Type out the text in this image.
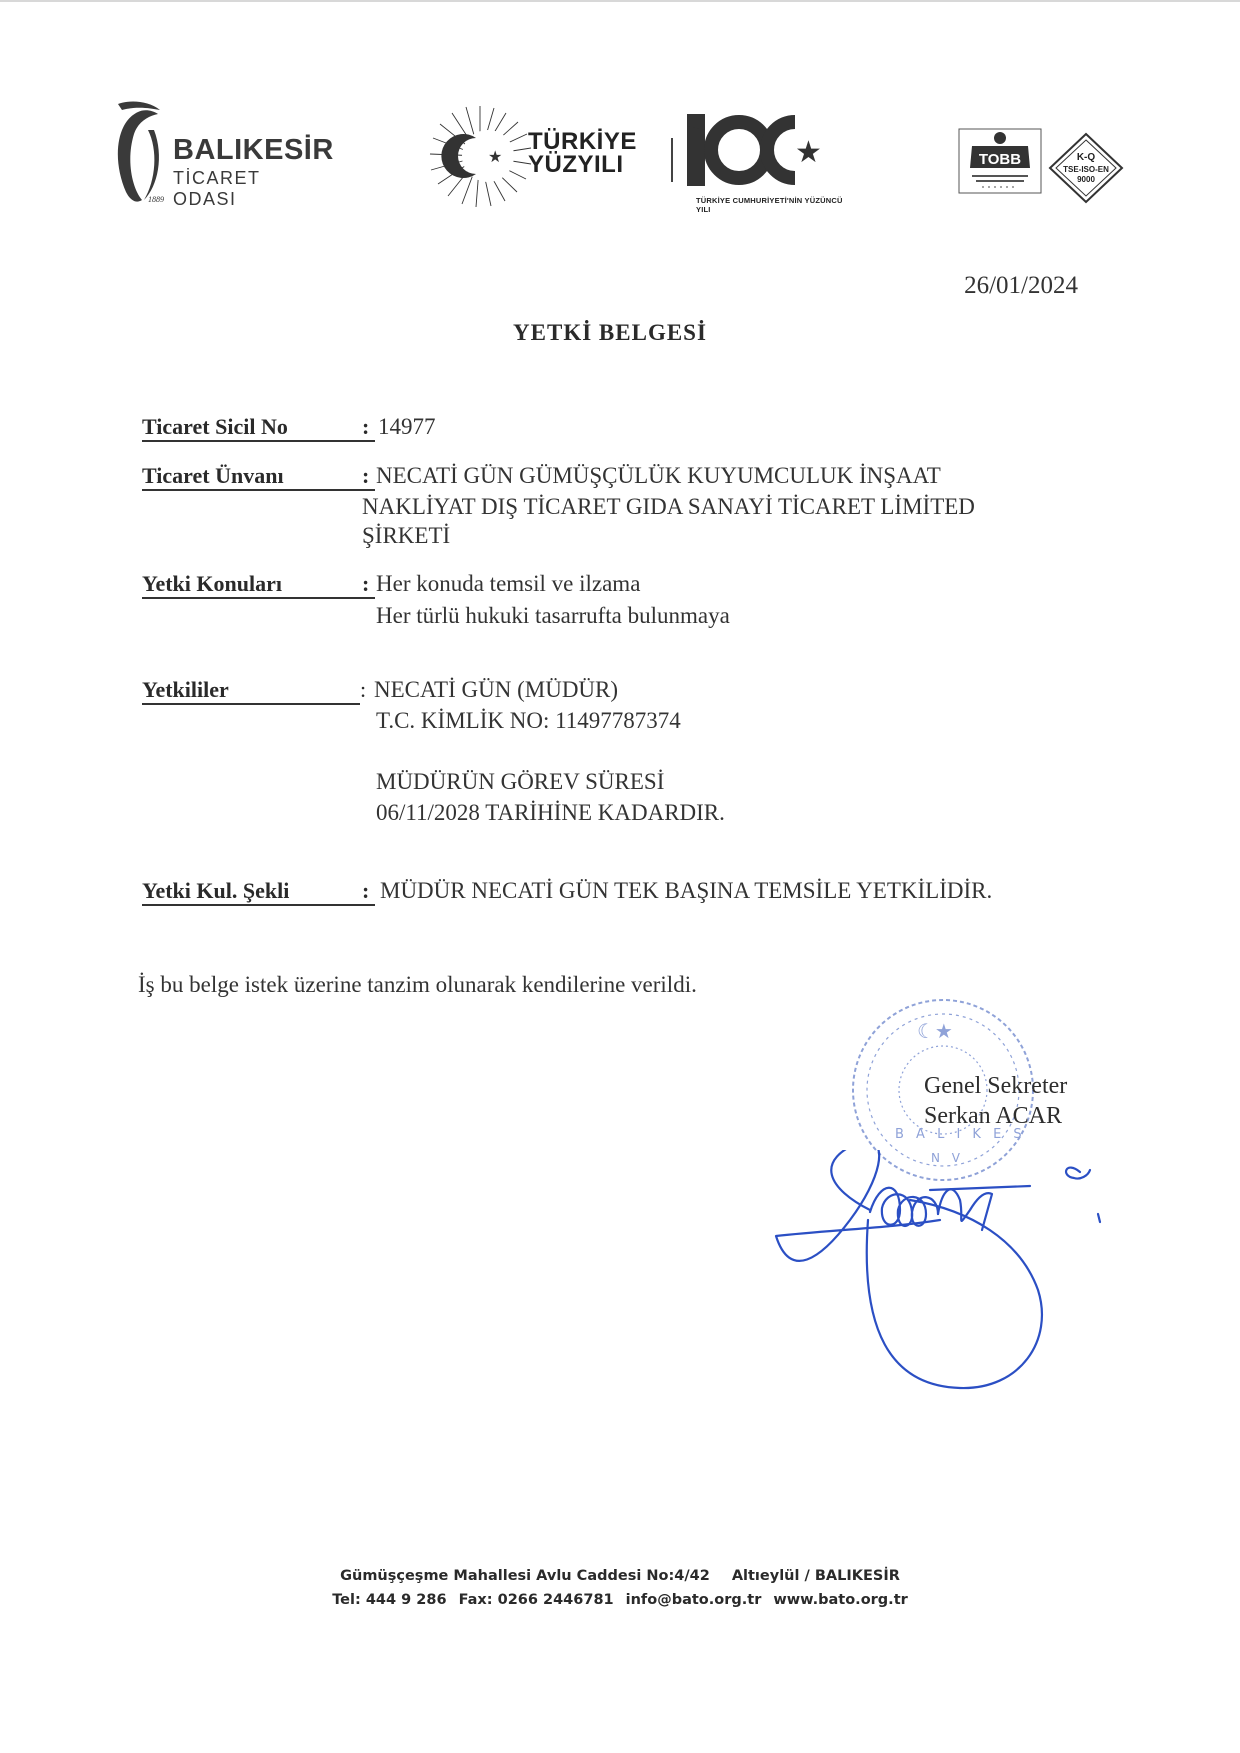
BALIKESİR
TİCARET ODASI
1889
★
TÜRKİYE
YÜZYILI	★
TÜRKİYE CUMHURİYETİ'NİN YÜZÜNCÜ YILI
TOBB	K-Q
TSE-ISO-EN
9000
26/01/2024
YETKİ BELGESİ
Ticaret Sicil No	: 14977
Ticaret Ünvanı	: NECATİ GÜN GÜMÜŞÇÜLÜK KUYUMCULUK İNŞAAT
NAKLİYAT DIŞ TİCARET GIDA SANAYİ TİCARET LİMİTED
ŞİRKETİ
Yetki Konuları	: Her konuda temsil ve ilzama
Her türlü hukuki tasarrufta bulunmaya
Yetkililer	: NECATİ GÜN (MÜDÜR)
T.C. KİMLİK NO: 11497787374
MÜDÜRÜN GÖREV SÜRESİ
06/11/2028 TARİHİNE KADARDIR.
Yetki Kul. Şekli	: MÜDÜR NECATİ GÜN TEK BAŞINA TEMSİLE YETKİLİDİR.
İş bu belge istek üzerine tanzim olunarak kendilerine verildi.
☾★
B A L I K E S
N V
Genel Sekreter
Serkan ACAR
Gümüşçeşme Mahallesi Avlu Caddesi No:4/42 Altıeylül / BALIKESİR
Tel: 444 9 286 Fax: 0266 2446781 info@bato.org.tr www.bato.org.tr
